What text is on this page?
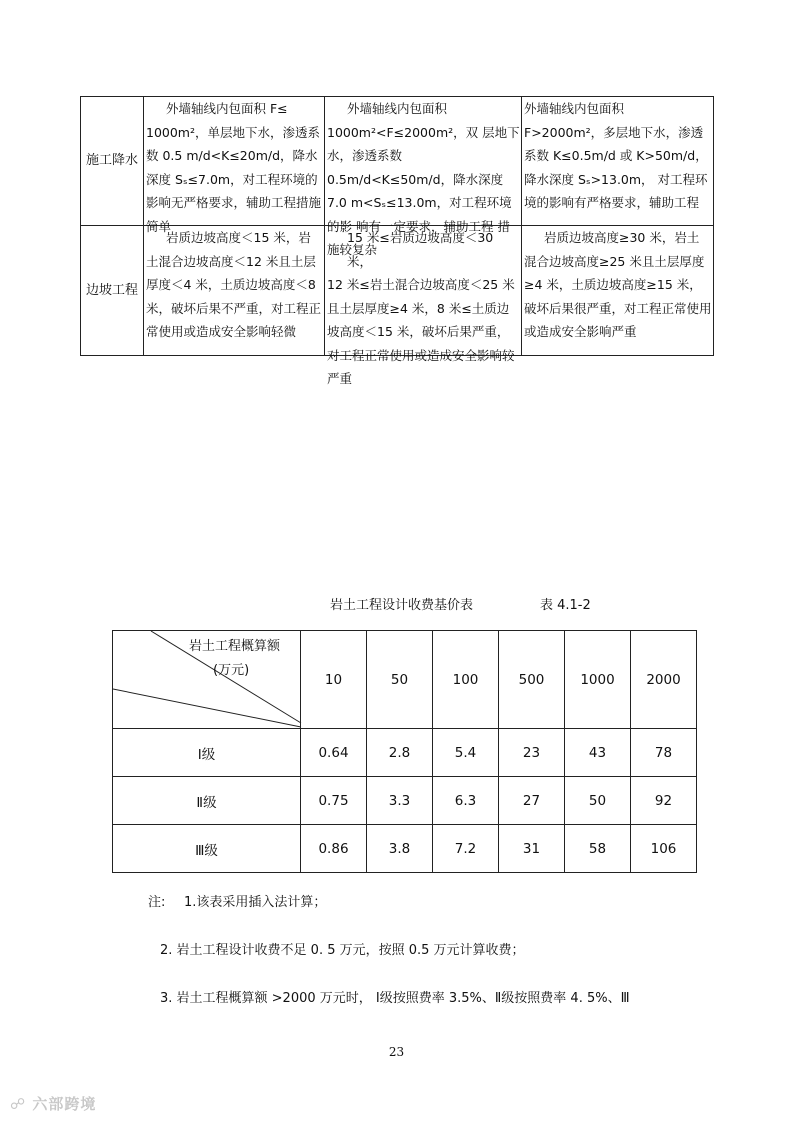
施工降水	外墙轴线内包面积 F≤
1000m²，单层地下水，渗透系数 0.5 m/d<K≤20m/d，降水深度 Sₛ≤7.0m，对工程环境的影响无严格要求，辅助工程措施简单	外墙轴线内包面积
1000m²<F≤2000m²，双 层地下水，渗透系数 0.5m/d<K≤50m/d，降水深度 7.0 m<Sₛ≤13.0m，对工程环境的影 响有一定要求，辅助工程 措施较复杂	外墙轴线内包面积
F>2000m²，多层地下水，渗透系数 K≤0.5m/d 或 K>50m/d， 降水深度 Sₛ>13.0m， 对工程环境的影响有严格要求，辅助工程

边坡工程	岩质边坡高度＜15 米，岩
土混合边坡高度＜12 米且土层厚度＜4 米，土质边坡高度＜8 米，破坏后果不严重，对工程正常使用或造成安全影响轻微	15 米≤岩质边坡高度＜30 米，
12 米≤岩土混合边坡高度＜25 米且土层厚度≥4 米，8 米≤土质边坡高度＜15 米，破坏后果严重，对工程正常使用或造成安全影响较严重	岩质边坡高度≥30 米，岩土
混合边坡高度≥25 米且土层厚度≥4 米，土质边坡高度≥15 米，破坏后果很严重，对工程正常使用或造成安全影响严重
岩土工程设计收费基价表	表 4.1-2
岩土工程概算额
(万元)	10	50	100	500	1000	2000
Ⅰ级	0.64	2.8	5.4	23	43	78
Ⅱ级	0.75	3.3	6.3	27	50	92
Ⅲ级	0.86	3.8	7.2	31	58	106
注: 1.该表采用插入法计算；
2. 岩土工程设计收费不足 0. 5 万元，按照 0.5 万元计算收费；
3. 岩土工程概算额 >2000 万元时， Ⅰ级按照费率 3.5%、Ⅱ级按照费率 4. 5%、Ⅲ
23
☍ 六部跨境
